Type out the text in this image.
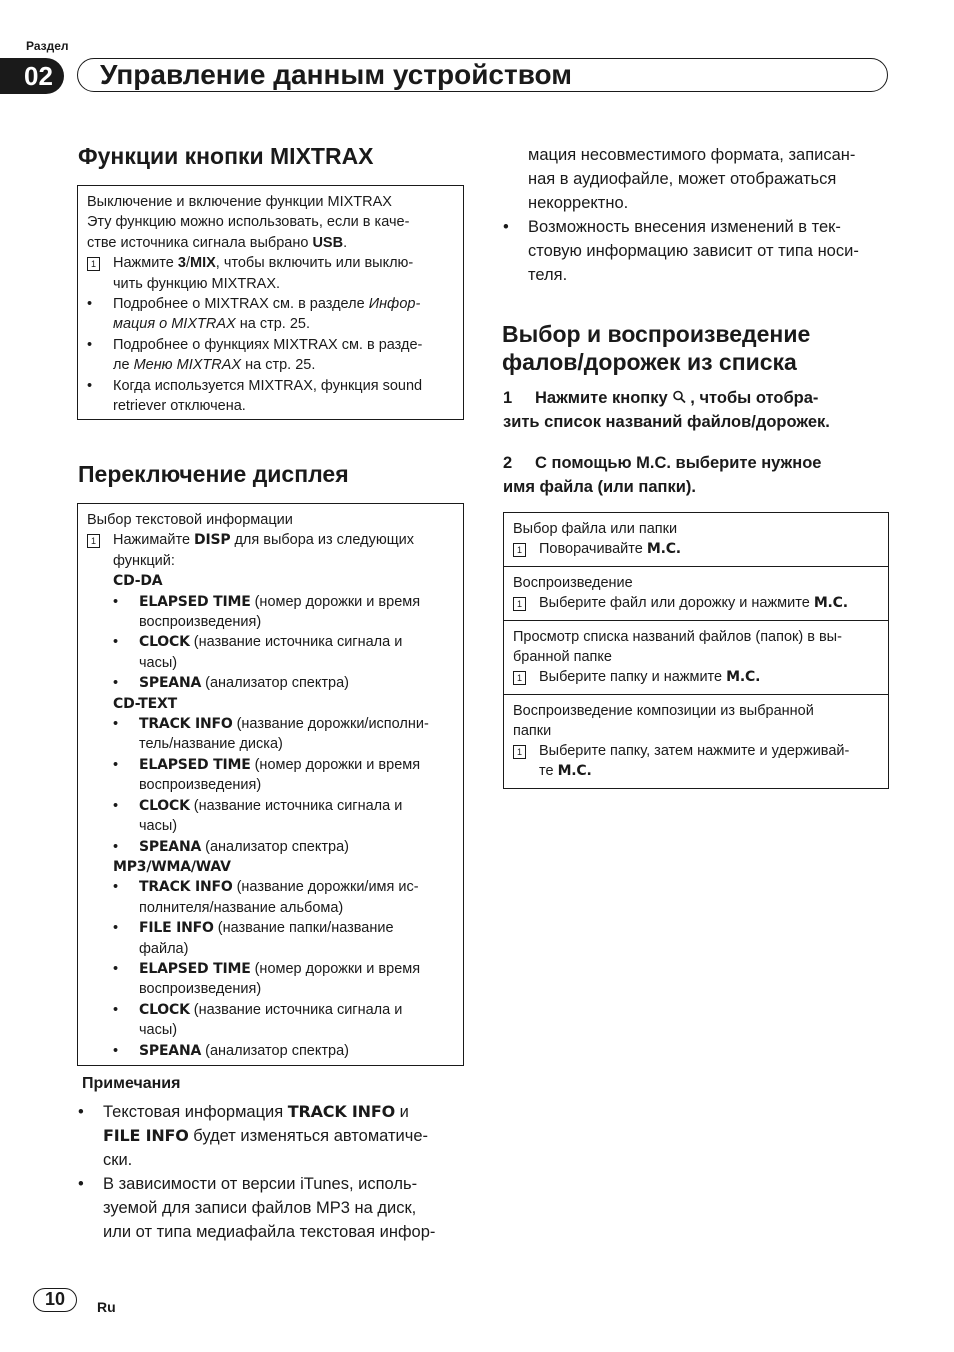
Раздел
02	Управление данным устройством
Функции кнопки MIXTRAX

Выключение и включение функции MIXTRAX

Эту функцию можно использовать, если в каче-

стве источника сигнала выбрано USB.

1 Нажмите 3/MIX, чтобы включить или выклю-
чить функцию MIXTRAX.
• Подробнее о MIXTRAX см. в разделе Инфор-
мация о MIXTRAX на стр. 25.
• Подробнее о функциях MIXTRAX см. в разде-
ле Меню MIXTRAX на стр. 25.
• Когда используется MIXTRAX, функция sound
retriever отключена.
Переключение дисплея

Выбор текстовой информации

1 Нажимайте DISP для выбора из следующих
функций:

CD-DA

• ELAPSED TIME (номер дорожки и время
воспроизведения)
• CLOCK (название источника сигнала и
часы)
• SPEANA (анализатор спектра)

CD-TEXT

• TRACK INFO (название дорожки/исполни-
тель/название диска)
• ELAPSED TIME (номер дорожки и время
воспроизведения)
• CLOCK (название источника сигнала и
часы)
• SPEANA (анализатор спектра)

MP3/WMA/WAV

• TRACK INFO (название дорожки/имя ис-
полнителя/название альбома)
• FILE INFO (название папки/название
файла)
• ELAPSED TIME (номер дорожки и время
воспроизведения)
• CLOCK (название источника сигнала и
часы)
• SPEANA (анализатор спектра)
Примечания
• Текстовая информация TRACK INFO и
FILE INFO будет изменяться автоматиче-
ски.
• В зависимости от версии iTunes, исполь-
зуемой для записи файлов MP3 на диск,
или от типа медиафайла текстовая инфор-
мация несовместимого формата, записан-
ная в аудиофайле, может отображаться
некорректно.
• Возможность внесения изменений в тек-
стовую информацию зависит от типа носи-
теля.
Выбор и воспроизведение
фалов/дорожек из списка
1 Нажмите кнопку , чтобы отобра-
зить список названий файлов/дорожек.
2 С помощью M.C. выберите нужное
имя файла (или папки).
Выбор файла или папки
1 Поворачивайте M.C.
Воспроизведение
1 Выберите файл или дорожку и нажмите M.C.
Просмотр списка названий файлов (папок) в вы-
бранной папке
1 Выберите папку и нажмите M.C.
Воспроизведение композиции из выбранной
папки
1 Выберите папку, затем нажмите и удерживай-
те M.C.
10	Ru
